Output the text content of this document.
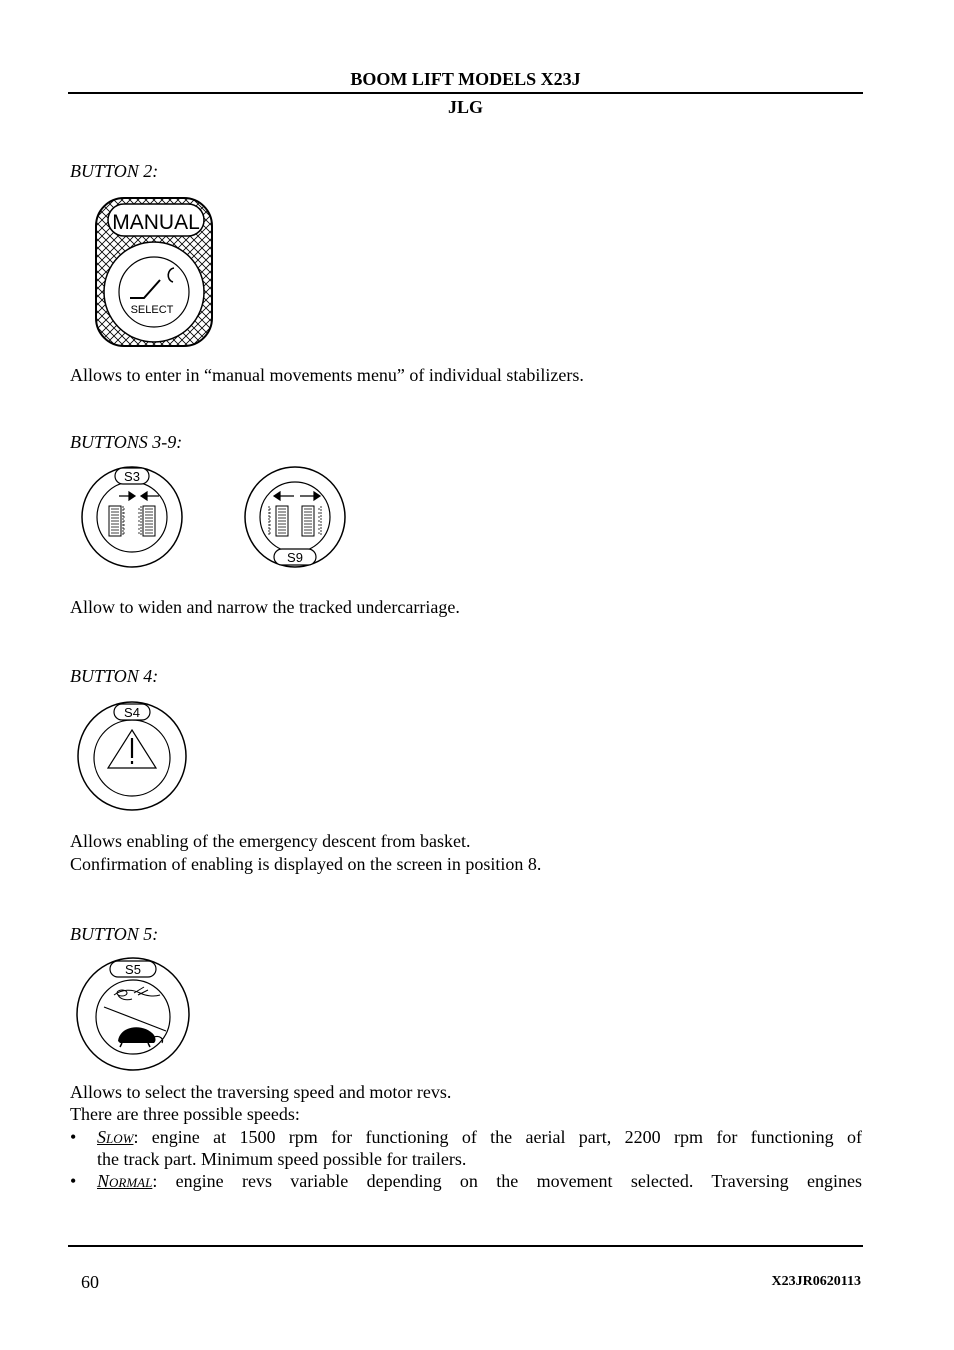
BOOM LIFT MODELS X23J
JLG
BUTTON 2:
MANUAL
SELECT
Allows to enter in “manual movements menu” of individual stabilizers.
BUTTONS 3-9:
S3
S9
Allow to widen and narrow the tracked undercarriage.
BUTTON 4:
S4
Allows enabling of the emergency descent from basket.
Confirmation of enabling is displayed on the screen in position 8.
BUTTON 5:
S5
Allows to select the traversing speed and motor revs.
There are three possible speeds:
• Slow: engine at 1500 rpm for functioning of the aerial part, 2200 rpm for functioning of
the track part. Minimum speed possible for trailers.
• Normal: engine revs variable depending on the movement selected. Traversing engines
60	X23JR0620113
